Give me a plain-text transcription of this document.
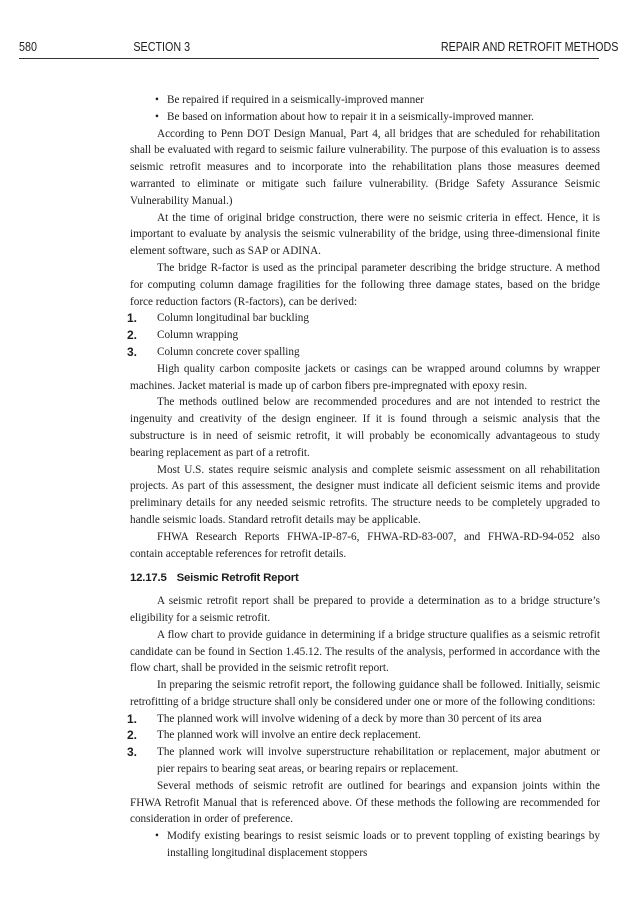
580	SECTION 3	REPAIR AND RETROFIT METHODS

• Be repaired if required in a seismically-improved manner

• Be based on information about how to repair it in a seismically-improved manner.

According to Penn DOT Design Manual, Part 4, all bridges that are scheduled for rehabilitation shall be evaluated with regard to seismic failure vulnerability. The purpose of this evaluation is to assess seismic retrofit measures and to incorporate into the rehabilitation plans those measures deemed warranted to eliminate or mitigate such failure vulnerability. (Bridge Safety Assurance Seismic Vulnerability Manual.)

At the time of original bridge construction, there were no seismic criteria in effect. Hence, it is important to evaluate by analysis the seismic vulnerability of the bridge, using three-dimensional finite element software, such as SAP or ADINA.

The bridge R-factor is used as the principal parameter describing the bridge structure. A method for computing column damage fragilities for the following three damage states, based on the bridge force reduction factors (R-factors), can be derived:

1. Column longitudinal bar buckling
2. Column wrapping
3. Column concrete cover spalling

High quality carbon composite jackets or casings can be wrapped around columns by wrapper machines. Jacket material is made up of carbon fibers pre-impregnated with epoxy resin.

The methods outlined below are recommended procedures and are not intended to restrict the ingenuity and creativity of the design engineer. If it is found through a seismic analysis that the substructure is in need of seismic retrofit, it will probably be economically advantageous to study bearing replacement as part of a retrofit.

Most U.S. states require seismic analysis and complete seismic assessment on all rehabilitation projects. As part of this assessment, the designer must indicate all deficient seismic items and provide preliminary details for any needed seismic retrofits. The structure needs to be completely upgraded to handle seismic loads. Standard retrofit details may be applicable.

FHWA Research Reports FHWA-IP-87-6, FHWA-RD-83-007, and FHWA-RD-94-052 also contain acceptable references for retrofit details.

12.17.5 Seismic Retrofit Report

A seismic retrofit report shall be prepared to provide a determination as to a bridge structure’s eligibility for a seismic retrofit.

A flow chart to provide guidance in determining if a bridge structure qualifies as a seismic retrofit candidate can be found in Section 1.45.12. The results of the analysis, performed in accordance with the flow chart, shall be provided in the seismic retrofit report.

In preparing the seismic retrofit report, the following guidance shall be followed. Initially, seismic retrofitting of a bridge structure shall only be considered under one or more of the following conditions:

1. The planned work will involve widening of a deck by more than 30 percent of its area
2. The planned work will involve an entire deck replacement.
3. The planned work will involve superstructure rehabilitation or replacement, major abutment or pier repairs to bearing seat areas, or bearing repairs or replacement.

Several methods of seismic retrofit are outlined for bearings and expansion joints within the FHWA Retrofit Manual that is referenced above. Of these methods the following are recommended for consideration in order of preference.

• Modify existing bearings to resist seismic loads or to prevent toppling of existing bearings by installing longitudinal displacement stoppers
